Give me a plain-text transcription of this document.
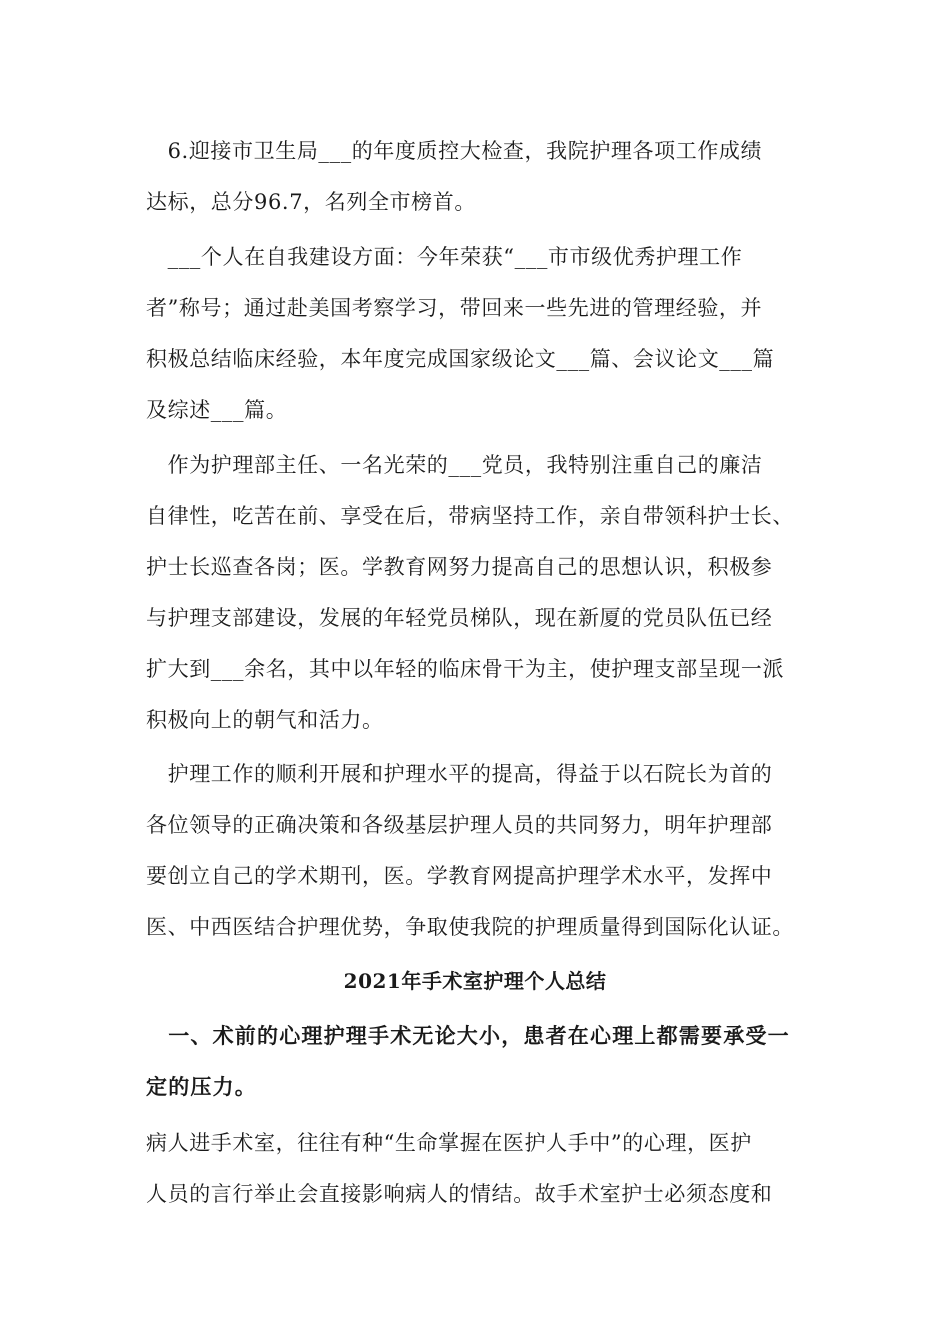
　6.迎接市卫生局___的年度质控大检查，我院护理各项工作成绩
达标，总分96.7，名列全市榜首。
　___个人在自我建设方面：今年荣获“___市市级优秀护理工作
者”称号；通过赴美国考察学习，带回来一些先进的管理经验，并
积极总结临床经验，本年度完成国家级论文___篇、会议论文___篇
及综述___篇。
　作为护理部主任、一名光荣的___党员，我特别注重自己的廉洁
自律性，吃苦在前、享受在后，带病坚持工作，亲自带领科护士长、
护士长巡查各岗；医。学教育网努力提高自己的思想认识，积极参
与护理支部建设，发展的年轻党员梯队，现在新厦的党员队伍已经
扩大到___余名，其中以年轻的临床骨干为主，使护理支部呈现一派
积极向上的朝气和活力。
　护理工作的顺利开展和护理水平的提高，得益于以石院长为首的
各位领导的正确决策和各级基层护理人员的共同努力，明年护理部
要创立自己的学术期刊，医。学教育网提高护理学术水平，发挥中
医、中西医结合护理优势，争取使我院的护理质量得到国际化认证。
2021年手术室护理个人总结
　一、术前的心理护理手术无论大小，患者在心理上都需要承受一
定的压力。
病人进手术室，往往有种“生命掌握在医护人手中”的心理，医护
人员的言行举止会直接影响病人的情结。故手术室护士必须态度和
